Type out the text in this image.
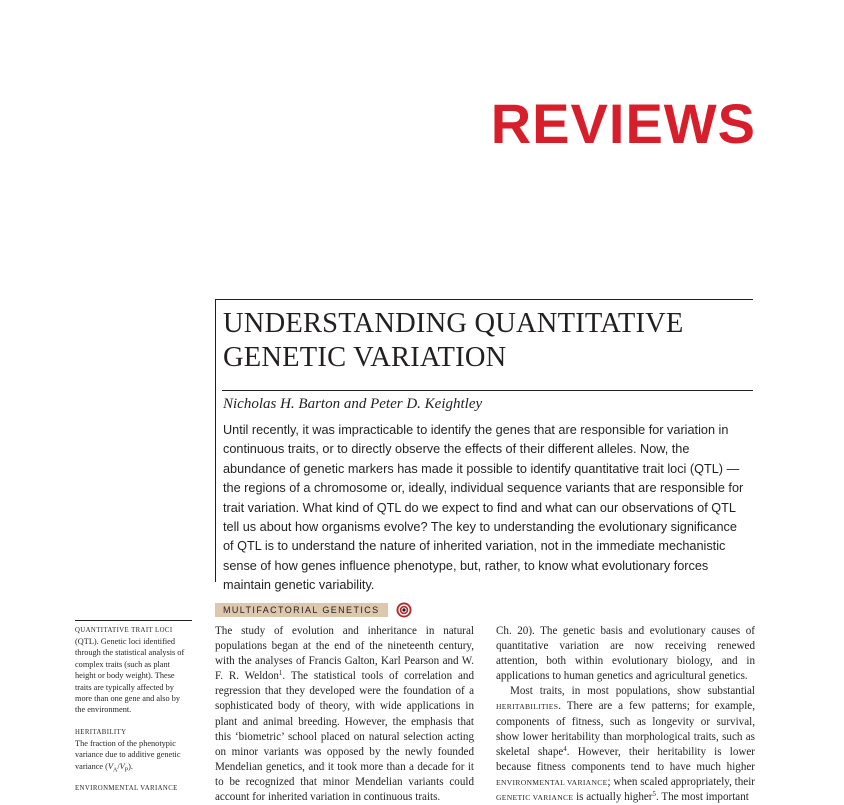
REVIEWS
UNDERSTANDING QUANTITATIVE
GENETIC VARIATION

Nicholas H. Barton and Peter D. Keightley

Until recently, it was impracticable to identify the genes that are responsible for variation in continuous traits, or to directly observe the effects of their different alleles. Now, the abundance of genetic markers has made it possible to identify quantitative trait loci (QTL) — the regions of a chromosome or, ideally, individual sequence variants that are responsible for trait variation. What kind of QTL do we expect to find and what can our observations of QTL tell us about how organisms evolve? The key to understanding the evolutionary significance of QTL is to understand the nature of inherited variation, not in the immediate mechanistic sense of how genes influence phenotype, but, rather, to know what evolutionary forces maintain genetic variability.

MULTIFACTORIAL GENETICS
QUANTITATIVE TRAIT LOCI
(QTL). Genetic loci identified through the statistical analysis of complex traits (such as plant height or body weight). These traits are typically affected by more than one gene and also by the environment.
HERITABILITY
The fraction of the phenotypic variance due to additive genetic variance $(V_A/V_P)$.
ENVIRONMENTAL VARIANCE

The study of evolution and inheritance in natural populations began at the end of the nineteenth century, with the analyses of Francis Galton, Karl Pearson and W. F. R. Weldon$^1$. The statistical tools of correlation and regression that they developed were the foundation of a sophisticated body of theory, with wide applications in plant and animal breeding. However, the emphasis that this ‘biometric’ school placed on natural selection acting on minor variants was opposed by the newly founded Mendelian genetics, and it took more than a decade for it to be recognized that minor Mendelian variants could account for inherited variation in continuous traits.

Ch. 20). The genetic basis and evolutionary causes of quantitative variation are now receiving renewed attention, both within evolutionary biology, and in applications to human genetics and agricultural genetics.

Most traits, in most populations, show substantial HERITABILITIES. There are a few patterns; for example, components of fitness, such as longevity or survival, show lower heritability than morphological traits, such as skeletal shape$^4$. However, their heritability is lower because fitness components tend to have much higher ENVIRONMENTAL VARIANCE; when scaled appropriately, their GENETIC VARIANCE is actually higher$^5$. The most important
